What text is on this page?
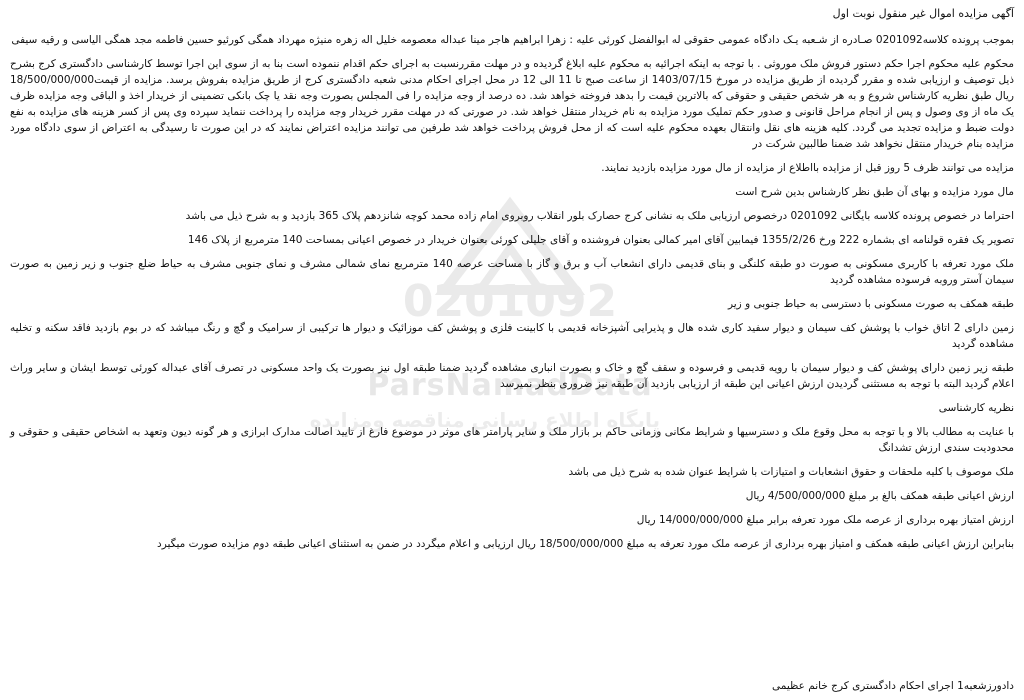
0201092
ParsNamadData
پایگاه اطلاع رسانی مناقصه ومزایده
آگهی مزایده اموال غیر منقول نوبت اول

بموجب پرونده کلاسه0201092 صـادره از شـعبه یـک دادگاه عمومی حقوقی له ابوالفضل کورئی علیه : زهرا ابراهیم هاجر مینا عبداله معصومه خلیل اله زهره منیژه مهرداد همگی کورئیو حسین فاطمه مجد همگی الیاسی و رقیه سیفی

محکوم علیه محکوم اجرا حکم دستور فروش ملک موروثی . با توجه به اینکه اجرائیه به محکوم علیه ابلاغ گردیده و در مهلت مقررنسبت به اجرای حکم اقدام ننموده است بنا به از سوی این اجرا توسط کارشناسی دادگستری کرج بشرح ذیل توصیف و ارزیابی شده و مقرر گردیده از طریق مزایده در مورخ 1403/07/15 از ساعت صبح تا 11 الی 12 در محل اجرای احکام مدنی شعبه دادگستری کرج از طریق مزایده بفروش برسد. مزایده از قیمت18/500/000/000 ریال طبق نظریه کارشناس شروع و به هر شخص حقیقی و حقوقی که بالاترین قیمت را بدهد فروخته خواهد شد. ده درصد از وجه مزایده را فی المجلس بصورت وجه نقد یا چک بانکی تضمینی از خریدار اخذ و الباقی وجه مزایده ظرف یک ماه از وی وصول و پس از انجام مراحل قانونی و صدور حکم تملیک مورد مزایده به نام خریدار منتقل خواهد شد. در صورتی که در مهلت مقرر خریدار وجه مزایده را پرداخت ننماید سپرده وی پس از کسر هزینه های مزایده به نفع دولت ضبط و مزایده تجدید می گردد. کلیه هزینه های نقل وانتقال بعهده محکوم علیه است که از محل فروش پرداخت خواهد شد طرفین می توانند مزایده اعتراض نمایند که در این صورت تا رسیدگی به اعتراض از سوی دادگاه مورد مزایده بنام خریدار منتقل نخواهد شد ضمنا طالبین شرکت در

مزایده می توانند ظرف 5 روز قبل از مزایده بااطلاع از مزایده از مال مورد مزایده بازدید نمایند.

مال مورد مزایده و بهای آن طبق نظر کارشناس بدین شرح است

احتراما در خصوص پرونده کلاسه بایگانی 0201092 درخصوص ارزیابی ملک به نشانی کرج حصارک بلور انقلاب روبروی امام زاده محمد کوچه شانزدهم پلاک 365 بازدید و به شرح ذیل می باشد

تصویر یک فقره قولنامه ای بشماره 222 ورخ 1355/2/26 فیمابین آقای امیر کمالی بعنوان فروشنده و آقای جلیلی کورئی بعنوان خریدار در خصوص اعیانی بمساحت 140 مترمربع از پلاک 146

ملک مورد تعرفه با کاربری مسکونی به صورت دو طبقه کلنگی و بنای قدیمی دارای انشعاب آب و برق و گاز با مساحت عرصه 140 مترمربع نمای شمالی مشرف و نمای جنوبی مشرف به حیاط ضلع جنوب و زیر زمین به صورت سیمان آستر وروبه فرسوده مشاهده گردید

طبقه همکف به صورت مسکونی با دسترسی به حیاط جنوبی و زیر

زمین دارای 2 اتاق خواب با پوشش کف سیمان و دیوار سفید کاری شده هال و پذیرایی آشپزخانه قدیمی با کابینت فلزی و پوشش کف موزائیک و دیوار ها ترکیبی از سرامیک و گچ و رنگ میباشد که در بوم بازدید فاقد سکنه و تخلیه مشاهده گردید

طبقه زیر زمین دارای پوشش کف و دیوار سیمان با رویه قدیمی و فرسوده و سقف گچ و خاک و بصورت انباری مشاهده گردید ضمنا طبقه اول نیز بصورت یک واحد مسکونی در تصرف آقای عبداله کورئی توسط ایشان و سایر وراث اعلام گردید البته با توجه به مستثنی گردیدن ارزش اعیانی این طبقه از ارزیابی بازدید آن طبقه نیز ضروری بنظر نمیرسد

نظریه کارشناسی

با عنایت به مطالب بالا و با توجه به محل وقوع ملک و دسترسیها و شرایط مکانی وزمانی حاکم بر بازار ملک و سایر پارامتر های موثر در موضوع فارغ از تایید اصالت مدارک ابرازی و هر گونه دیون وتعهد به اشخاص حقیقی و حقوقی و محدودیت سندی ارزش تشدانگ

ملک موصوف با کلیه ملحقات و حقوق انشعابات و امتیازات با شرایط عنوان شده به شرح ذیل می باشد

ارزش اعیانی طبقه همکف بالغ بر مبلغ 4/500/000/000 ریال

ارزش امتیاز بهره برداری از عرصه ملک مورد تعرفه برابر مبلغ 14/000/000/000 ریال

بنابراین ارزش اعیانی طبقه همکف و امتیاز بهره برداری از عرصه ملک مورد تعرفه به مبلغ 18/500/000/000 ریال ارزیابی و اعلام میگردد در ضمن به استثنای اعیانی طبقه دوم مزایده صورت میگیرد

دادورزشعبه1 اجرای احکام دادگستری کرج خانم عظیمی
